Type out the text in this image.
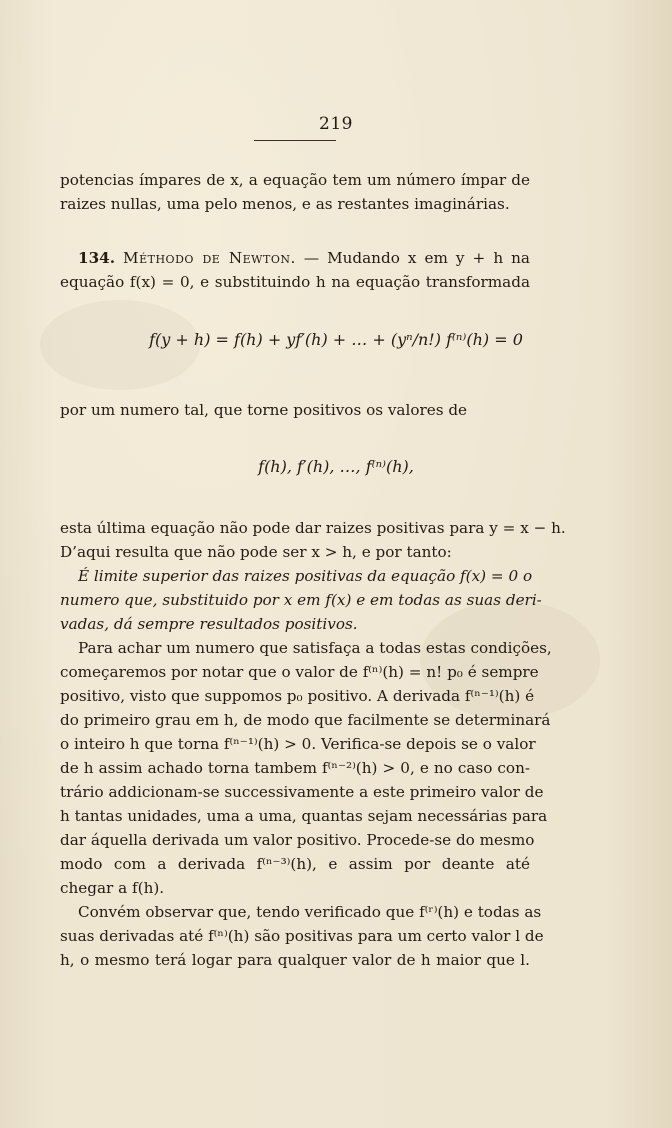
219
potencias ímpares de x, a equação tem um número ímpar de
raizes nullas, uma pelo menos, e as restantes imaginárias.
134. Méthodo de Newton. — Mudando x em y + h na
equação f(x) = 0, e substituindo h na equação transformada
f(y + h) = f(h) + yf′(h) + … + (yⁿ/n!) f⁽ⁿ⁾(h) = 0
por um numero tal, que torne positivos os valores de
f(h), f′(h), …, f⁽ⁿ⁾(h),
esta última equação não pode dar raizes positivas para y = x − h.
D’aqui resulta que não pode ser x > h, e por tanto:
É limite superior das raizes positivas da equação f(x) = 0 o
numero que, substituido por x em f(x) e em todas as suas deri-
vadas, dá sempre resultados positivos.
Para achar um numero que satisfaça a todas estas condições,
começaremos por notar que o valor de f⁽ⁿ⁾(h) = n! p₀ é sempre
positivo, visto que suppomos p₀ positivo. A derivada f⁽ⁿ⁻¹⁾(h) é
do primeiro grau em h, de modo que facilmente se determinará
o inteiro h que torna f⁽ⁿ⁻¹⁾(h) > 0. Verifica-se depois se o valor
de h assim achado torna tambem f⁽ⁿ⁻²⁾(h) > 0, e no caso con-
trário addicionam-se successivamente a este primeiro valor de
h tantas unidades, uma a uma, quantas sejam necessárias para
dar áquella derivada um valor positivo. Procede-se do mesmo
modo com a derivada f⁽ⁿ⁻³⁾(h), e assim por deante até
chegar a f(h).
Convém observar que, tendo verificado que f⁽ʳ⁾(h) e todas as
suas derivadas até f⁽ⁿ⁾(h) são positivas para um certo valor l de
h, o mesmo terá logar para qualquer valor de h maior que l.
